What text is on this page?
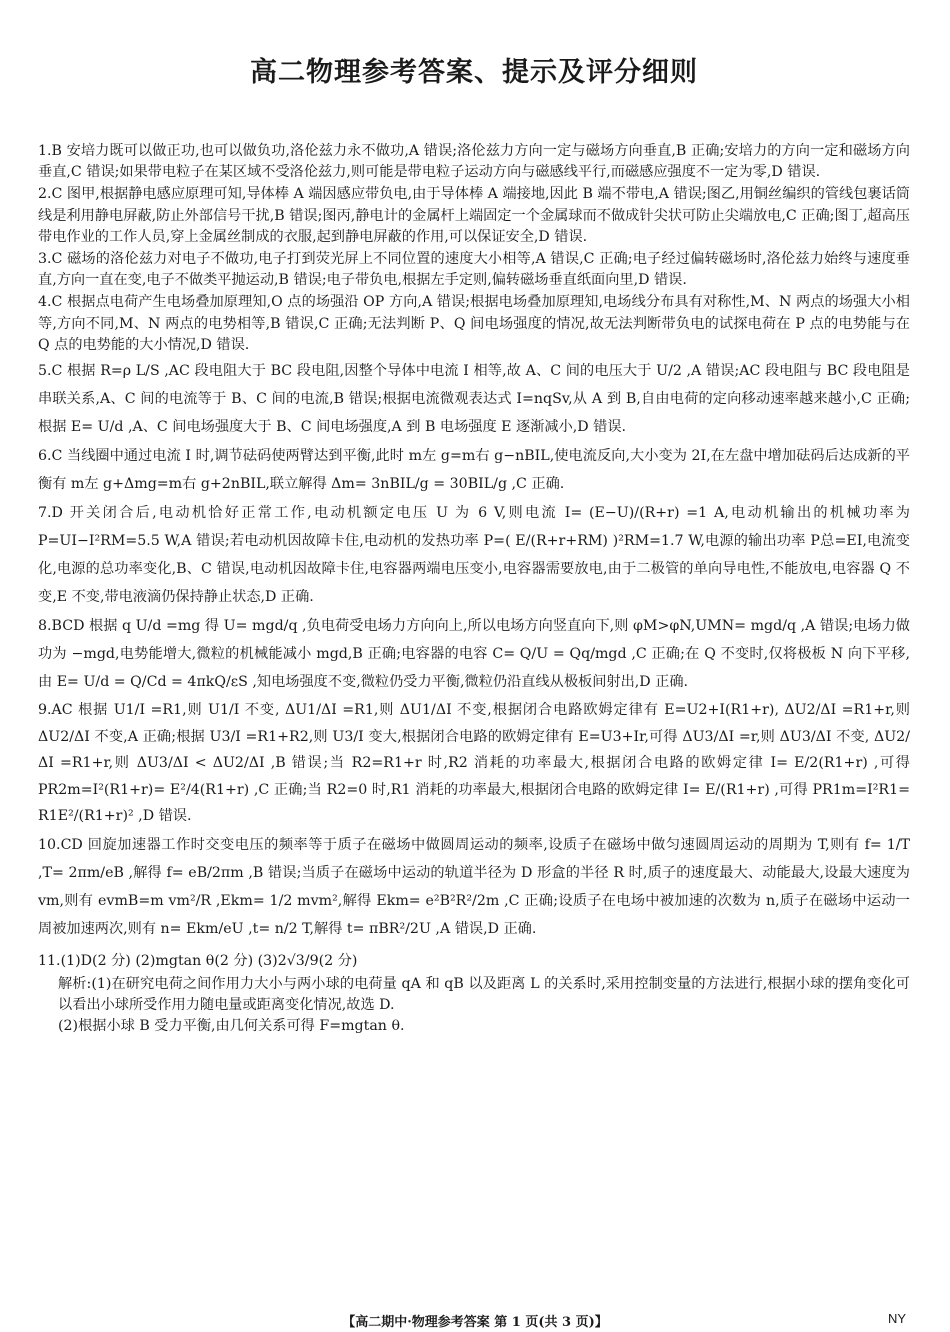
高二物理参考答案、提示及评分细则

1.B 安培力既可以做正功,也可以做负功,洛伦兹力永不做功,A 错误;洛伦兹力方向一定与磁场方向垂直,B 正确;安培力的方向一定和磁场方向垂直,C 错误;如果带电粒子在某区域不受洛伦兹力,则可能是带电粒子运动方向与磁感线平行,而磁感应强度不一定为零,D 错误.

2.C 图甲,根据静电感应原理可知,导体棒 A 端因感应带负电,由于导体棒 A 端接地,因此 B 端不带电,A 错误;图乙,用铜丝编织的管线包裹话筒线是利用静电屏蔽,防止外部信号干扰,B 错误;图丙,静电计的金属杆上端固定一个金属球而不做成针尖状可防止尖端放电,C 正确;图丁,超高压带电作业的工作人员,穿上金属丝制成的衣服,起到静电屏蔽的作用,可以保证安全,D 错误.

3.C 磁场的洛伦兹力对电子不做功,电子打到荧光屏上不同位置的速度大小相等,A 错误,C 正确;电子经过偏转磁场时,洛伦兹力始终与速度垂直,方向一直在变,电子不做类平抛运动,B 错误;电子带负电,根据左手定则,偏转磁场垂直纸面向里,D 错误.

4.C 根据点电荷产生电场叠加原理知,O 点的场强沿 OP 方向,A 错误;根据电场叠加原理知,电场线分布具有对称性,M、N 两点的场强大小相等,方向不同,M、N 两点的电势相等,B 错误,C 正确;无法判断 P、Q 间电场强度的情况,故无法判断带负电的试探电荷在 P 点的电势能与在 Q 点的电势能的大小情况,D 错误.

5.C 根据 R=ρ L/S ,AC 段电阻大于 BC 段电阻,因整个导体中电流 I 相等,故 A、C 间的电压大于 U/2 ,A 错误;AC 段电阻与 BC 段电阻是串联关系,A、C 间的电流等于 B、C 间的电流,B 错误;根据电流微观表达式 I=nqSv,从 A 到 B,自由电荷的定向移动速率越来越小,C 正确;根据 E= U/d ,A、C 间电场强度大于 B、C 间电场强度,A 到 B 电场强度 E 逐渐减小,D 错误.

6.C 当线圈中通过电流 I 时,调节砝码使两臂达到平衡,此时 m左 g=m右 g−nBIL,使电流反向,大小变为 2I,在左盘中增加砝码后达成新的平衡有 m左 g+Δmg=m右 g+2nBIL,联立解得 Δm= 3nBIL/g = 30BIL/g ,C 正确.

7.D 开关闭合后,电动机恰好正常工作,电动机额定电压 U 为 6 V,则电流 I= (E−U)/(R+r) =1 A,电动机输出的机械功率为 P=UI−I²RM=5.5 W,A 错误;若电动机因故障卡住,电动机的发热功率 P=( E/(R+r+RM) )²RM=1.7 W,电源的输出功率 P总=EI,电流变化,电源的总功率变化,B、C 错误,电动机因故障卡住,电容器两端电压变小,电容器需要放电,由于二极管的单向导电性,不能放电,电容器 Q 不变,E 不变,带电液滴仍保持静止状态,D 正确.

8.BCD 根据 q U/d =mg 得 U= mgd/q ,负电荷受电场力方向向上,所以电场方向竖直向下,则 φM>φN,UMN= mgd/q ,A 错误;电场力做功为 −mgd,电势能增大,微粒的机械能减小 mgd,B 正确;电容器的电容 C= Q/U = Qq/mgd ,C 正确;在 Q 不变时,仅将极板 N 向下平移,由 E= U/d = Q/Cd = 4πkQ/εS ,知电场强度不变,微粒仍受力平衡,微粒仍沿直线从极板间射出,D 正确.

9.AC 根据 U1/I =R1,则 U1/I 不变, ΔU1/ΔI =R1,则 ΔU1/ΔI 不变,根据闭合电路欧姆定律有 E=U2+I(R1+r), ΔU2/ΔI =R1+r,则 ΔU2/ΔI 不变,A 正确;根据 U3/I =R1+R2,则 U3/I 变大,根据闭合电路的欧姆定律有 E=U3+Ir,可得 ΔU3/ΔI =r,则 ΔU3/ΔI 不变, ΔU2/ΔI =R1+r,则 ΔU3/ΔI < ΔU2/ΔI ,B 错误;当 R2=R1+r 时,R2 消耗的功率最大,根据闭合电路的欧姆定律 I= E/2(R1+r) ,可得 PR2m=I²(R1+r)= E²/4(R1+r) ,C 正确;当 R2=0 时,R1 消耗的功率最大,根据闭合电路的欧姆定律 I= E/(R1+r) ,可得 PR1m=I²R1= R1E²/(R1+r)² ,D 错误.

10.CD 回旋加速器工作时交变电压的频率等于质子在磁场中做圆周运动的频率,设质子在磁场中做匀速圆周运动的周期为 T,则有 f= 1/T ,T= 2πm/eB ,解得 f= eB/2πm ,B 错误;当质子在磁场中运动的轨道半径为 D 形盒的半径 R 时,质子的速度最大、动能最大,设最大速度为 vm,则有 evmB=m vm²/R ,Ekm= 1/2 mvm²,解得 Ekm= e²B²R²/2m ,C 正确;设质子在电场中被加速的次数为 n,质子在磁场中运动一周被加速两次,则有 n= Ekm/eU ,t= n/2 T,解得 t= πBR²/2U ,A 错误,D 正确.

11.(1)D(2 分) (2)mgtan θ(2 分) (3)2√3/9(2 分)

解析:(1)在研究电荷之间作用力大小与两小球的电荷量 qA 和 qB 以及距离 L 的关系时,采用控制变量的方法进行,根据小球的摆角变化可以看出小球所受作用力随电量或距离变化情况,故选 D.

(2)根据小球 B 受力平衡,由几何关系可得 F=mgtan θ.

【高二期中·物理参考答案 第 1 页(共 3 页)】	NY
